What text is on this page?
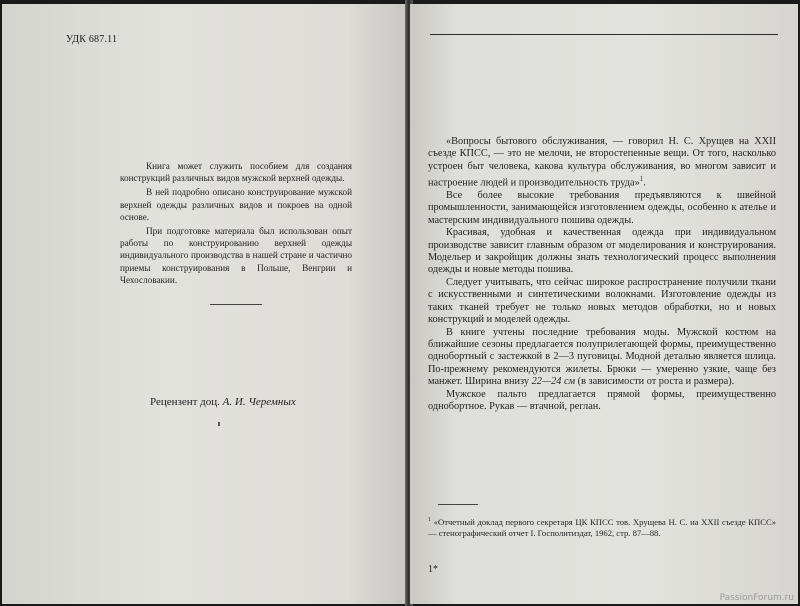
УДК 687.11

Книга может служить пособием для создания конструкций различных видов мужской верхней одежды.

В ней подробно описано конструирование мужской верхней одежды различных видов и покроев на одной основе.

При подготовке материала был использован опыт работы по конструированию верхней одежды индивидуального производства в нашей стране и частично приемы конструирования в Польше, Венгрии и Чехословакии.

Рецензент доц. А. И. Черемных

«Вопросы бытового обслуживания, — говорил Н. С. Хрущев на XXII съезде КПСС, — это не мелочи, не второстепенные вещи. От того, насколько устроен быт человека, какова культура обслуживания, во многом зависит и настроение людей и производительность труда»$^1$.

Все более высокие требования предъявляются к швейной промышленности, занимающейся изготовлением одежды, особенно к ателье и мастерским индивидуального пошива одежды.

Красивая, удобная и качественная одежда при индивидуальном производстве зависит главным образом от моделирования и конструирования. Модельер и закройщик должны знать технологический процесс выполнения одежды и новые методы пошива.

Следует учитывать, что сейчас широкое распространение получили ткани с искусственными и синтетическими волокнами. Изготовление одежды из таких тканей требует не только новых методов обработки, но и новых конструкций и моделей одежды.

В книге учтены последние требования моды. Мужской костюм на ближайшие сезоны предлагается полуприлегающей формы, преимущественно однобортный с застежкой в 2—3 пуговицы. Модной деталью является шлица. По-прежнему рекомендуются жилеты. Брюки — умеренно узкие, чаще без манжет. Ширина внизу 22—24 см (в зависимости от роста и размера).

Мужское пальто предлагается прямой формы, преимущественно однобортное. Рукав — втачной, реглан.

$^1$ «Отчетный доклад первого секретаря ЦК КПСС тов. Хрущева Н. С. на XXII съезде КПСС» — стенографический отчет I. Госполитиздат, 1962, стр. 87—88.
1*
PassionForum.ru
